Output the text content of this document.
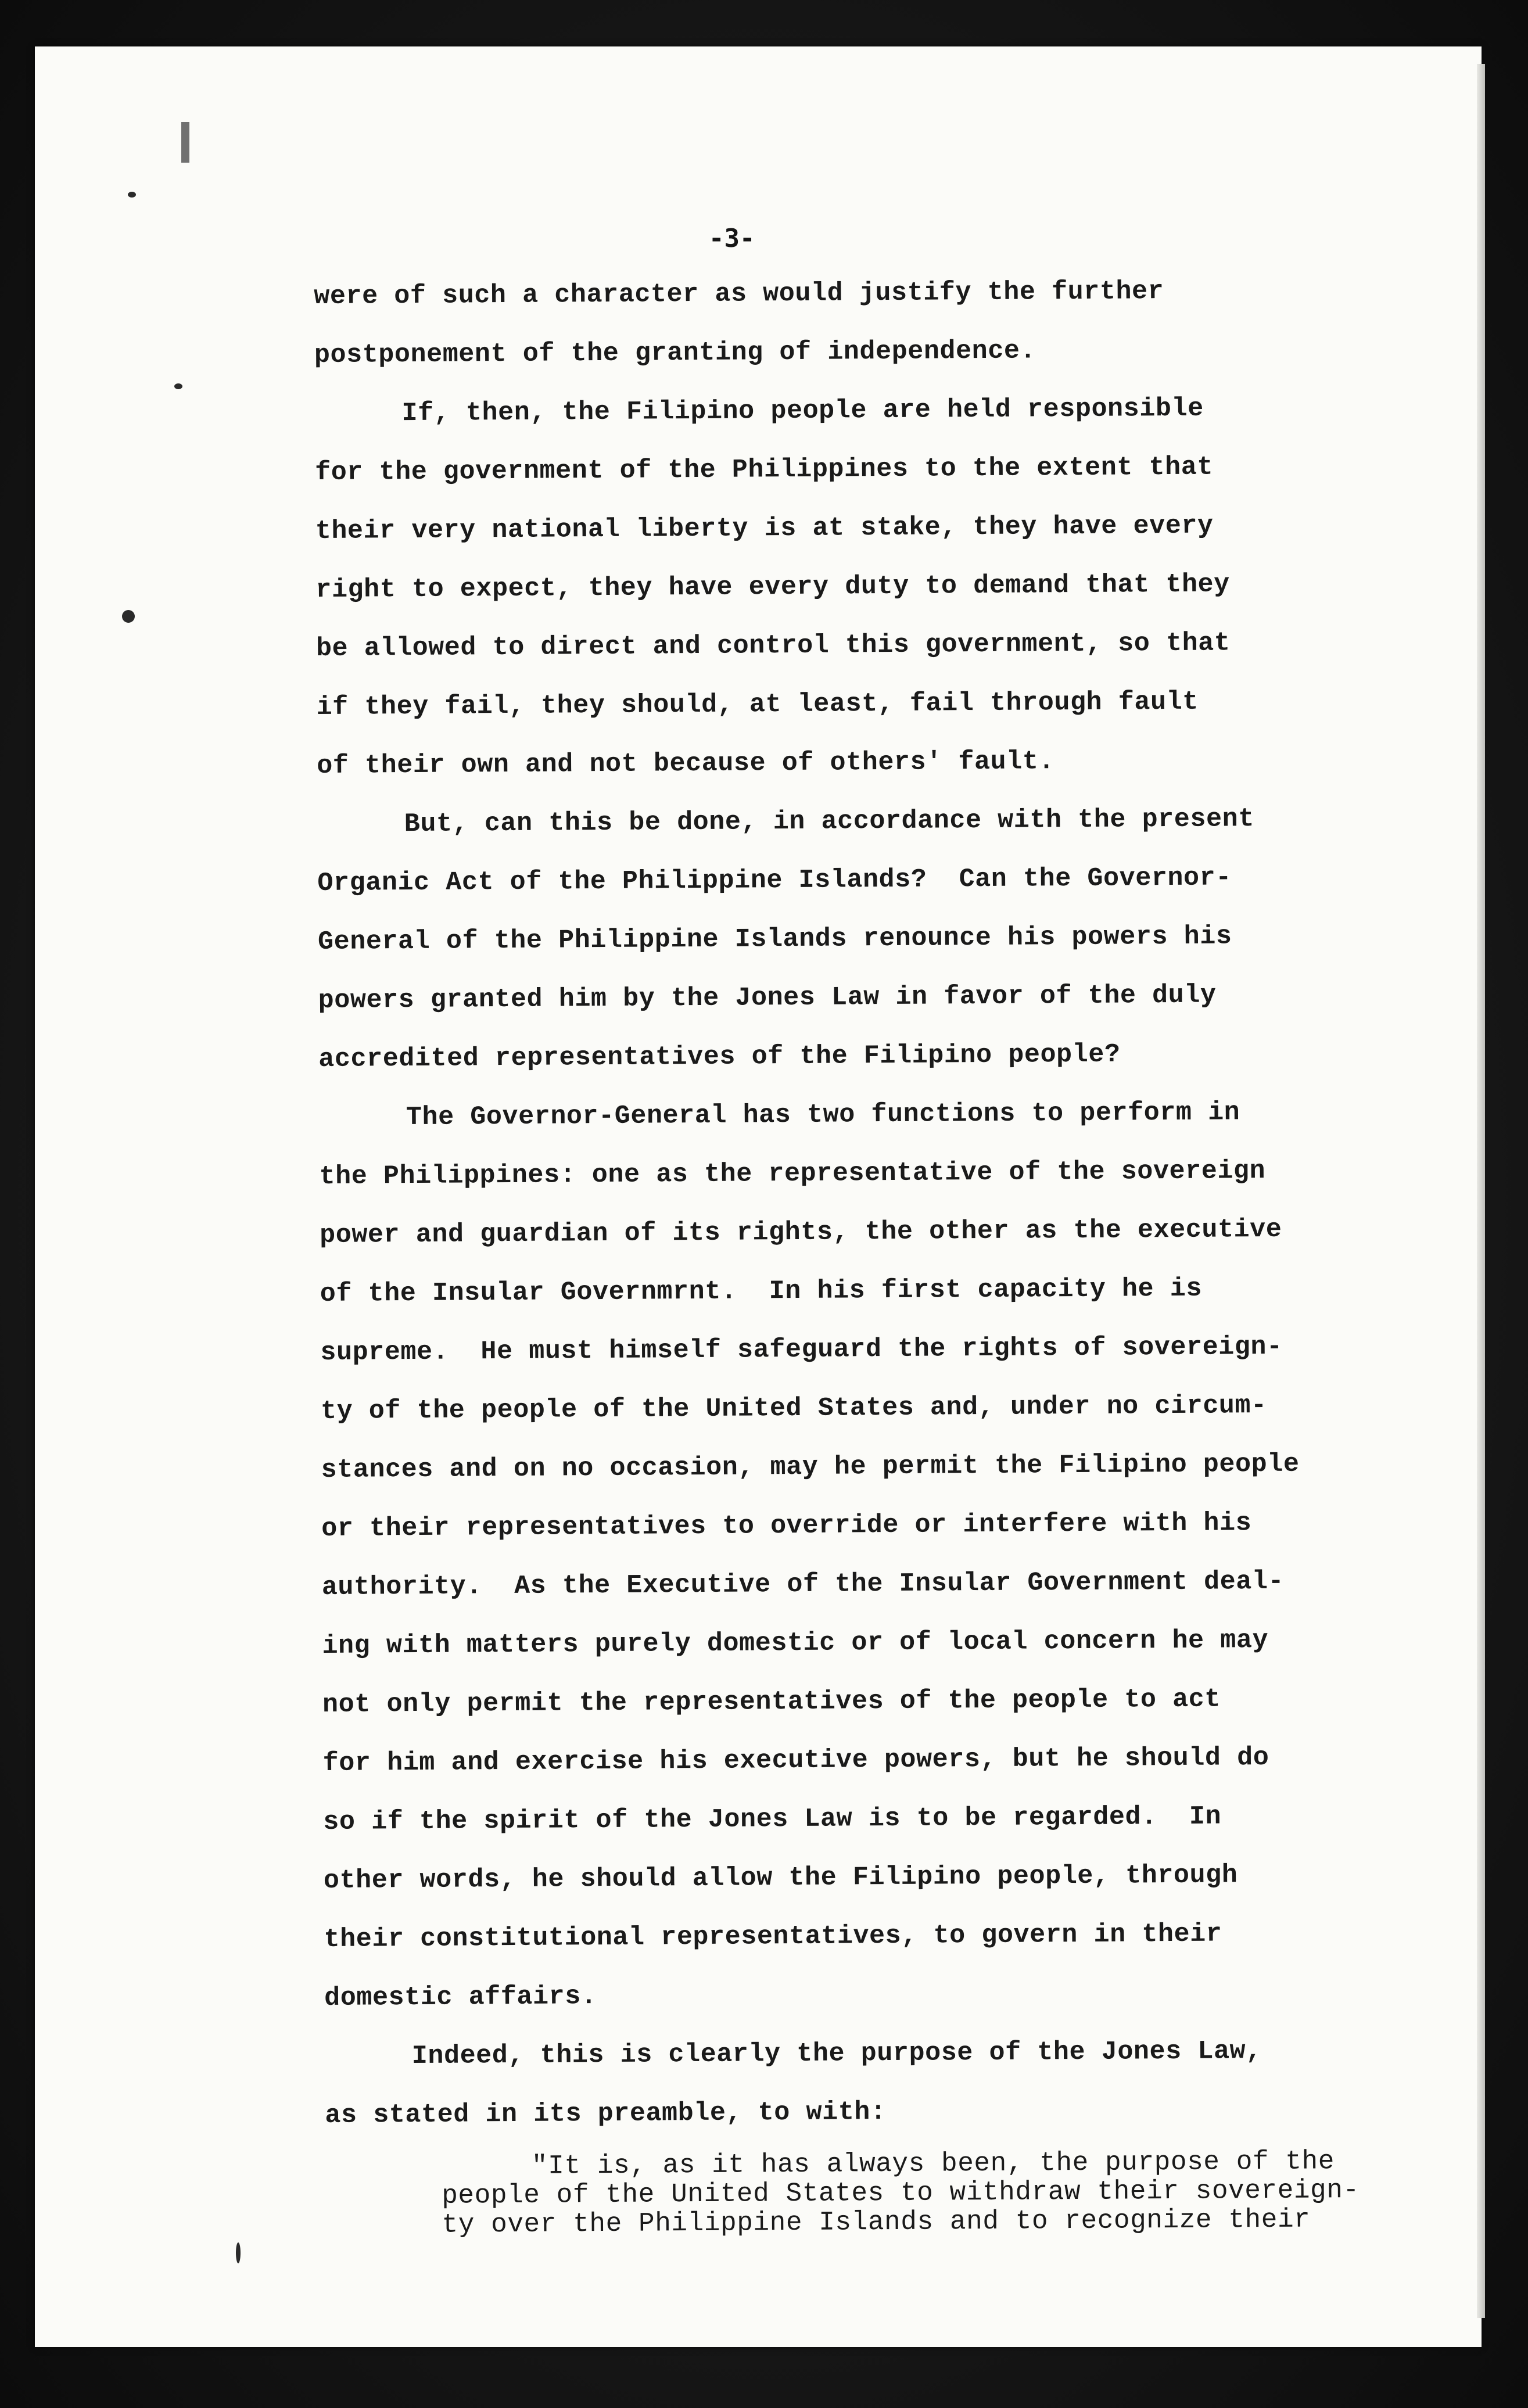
-3-

were of such a character as would justify the further
postponement of the granting of independence.
If, then, the Filipino people are held responsible
for the government of the Philippines to the extent that
their very national liberty is at stake, they have every
right to expect, they have every duty to demand that they
be allowed to direct and control this government, so that
if they fail, they should, at least, fail through fault
of their own and not because of others' fault.
But, can this be done, in accordance with the present
Organic Act of the Philippine Islands?  Can the Governor-
General of the Philippine Islands renounce his powers his
powers granted him by the Jones Law in favor of the duly
accredited representatives of the Filipino people?
The Governor-General has two functions to perform in
the Philippines: one as the representative of the sovereign
power and guardian of its rights, the other as the executive
of the Insular Governmrnt.  In his first capacity he is
supreme.  He must himself safeguard the rights of sovereign-
ty of the people of the United States and, under no circum-
stances and on no occasion, may he permit the Filipino people
or their representatives to override or interfere with his
authority.  As the Executive of the Insular Government deal-
ing with matters purely domestic or of local concern he may
not only permit the representatives of the people to act
for him and exercise his executive powers, but he should do
so if the spirit of the Jones Law is to be regarded.  In
other words, he should allow the Filipino people, through
their constitutional representatives, to govern in their
domestic affairs.
Indeed, this is clearly the purpose of the Jones Law,
as stated in its preamble, to with:
"It is, as it has always been, the purpose of the
people of the United States to withdraw their sovereign-
ty over the Philippine Islands and to recognize their
